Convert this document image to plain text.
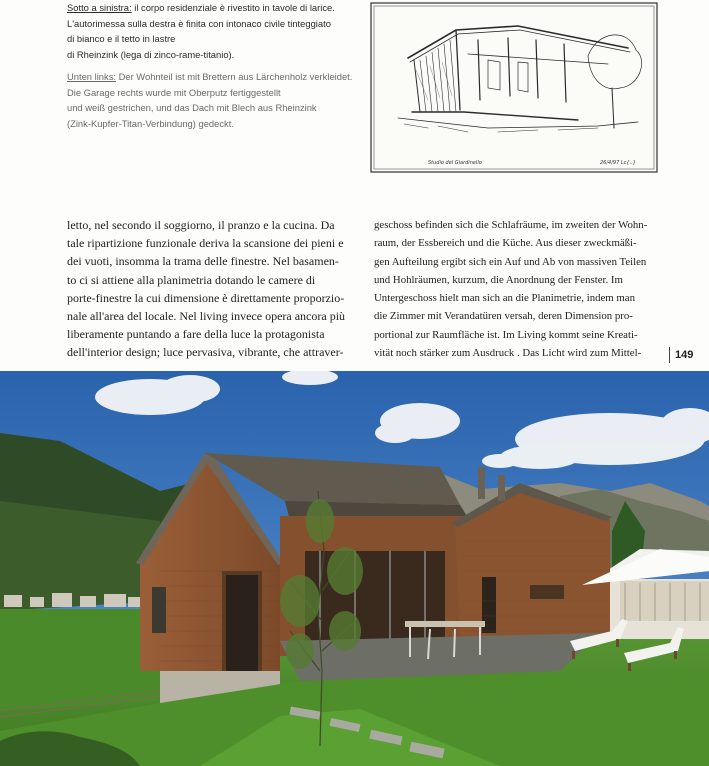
Sotto a sinistra: il corpo residenziale è rivestito in tavole di larice.
L'autorimessa sulla destra è finita con intonaco civile tinteggiato
di bianco e il tetto in lastre
di Rheinzink (lega di zinco-rame-titanio).
Unten links: Der Wohnteil ist mit Brettern aus Lärchenholz verkleidet.
Die Garage rechts wurde mit Oberputz fertiggestellt
und weiß gestrichen, und das Dach mit Blech aus Rheinzink
(Zink-Kupfer-Titan-Verbindung) gedeckt.
Studio del Giardinello	26/4/97 Lc{..}
letto, nel secondo il soggiorno, il pranzo e la cucina. Da
tale ripartizione funzionale deriva la scansione dei pieni e
dei vuoti, insomma la trama delle finestre. Nel basamen-
to ci si attiene alla planimetria dotando le camere di
porte-finestre la cui dimensione è direttamente proporzio-
nale all'area del locale. Nel living invece opera ancora più
liberamente puntando a fare della luce la protagonista
dell'interior design; luce pervasiva, vibrante, che attraver-
geschoss befinden sich die Schlafräume, im zweiten der Wohn-
raum, der Essbereich und die Küche. Aus dieser zweckmäßi-
gen Aufteilung ergibt sich ein Auf und Ab von massiven Teilen
und Hohlräumen, kurzum, die Anordnung der Fenster. Im
Untergeschoss hielt man sich an die Planimetrie, indem man
die Zimmer mit Verandatüren versah, deren Dimension pro-
portional zur Raumfläche ist. Im Living kommt seine Kreati-
vität noch stärker zum Ausdruck . Das Licht wird zum Mittel-	149
